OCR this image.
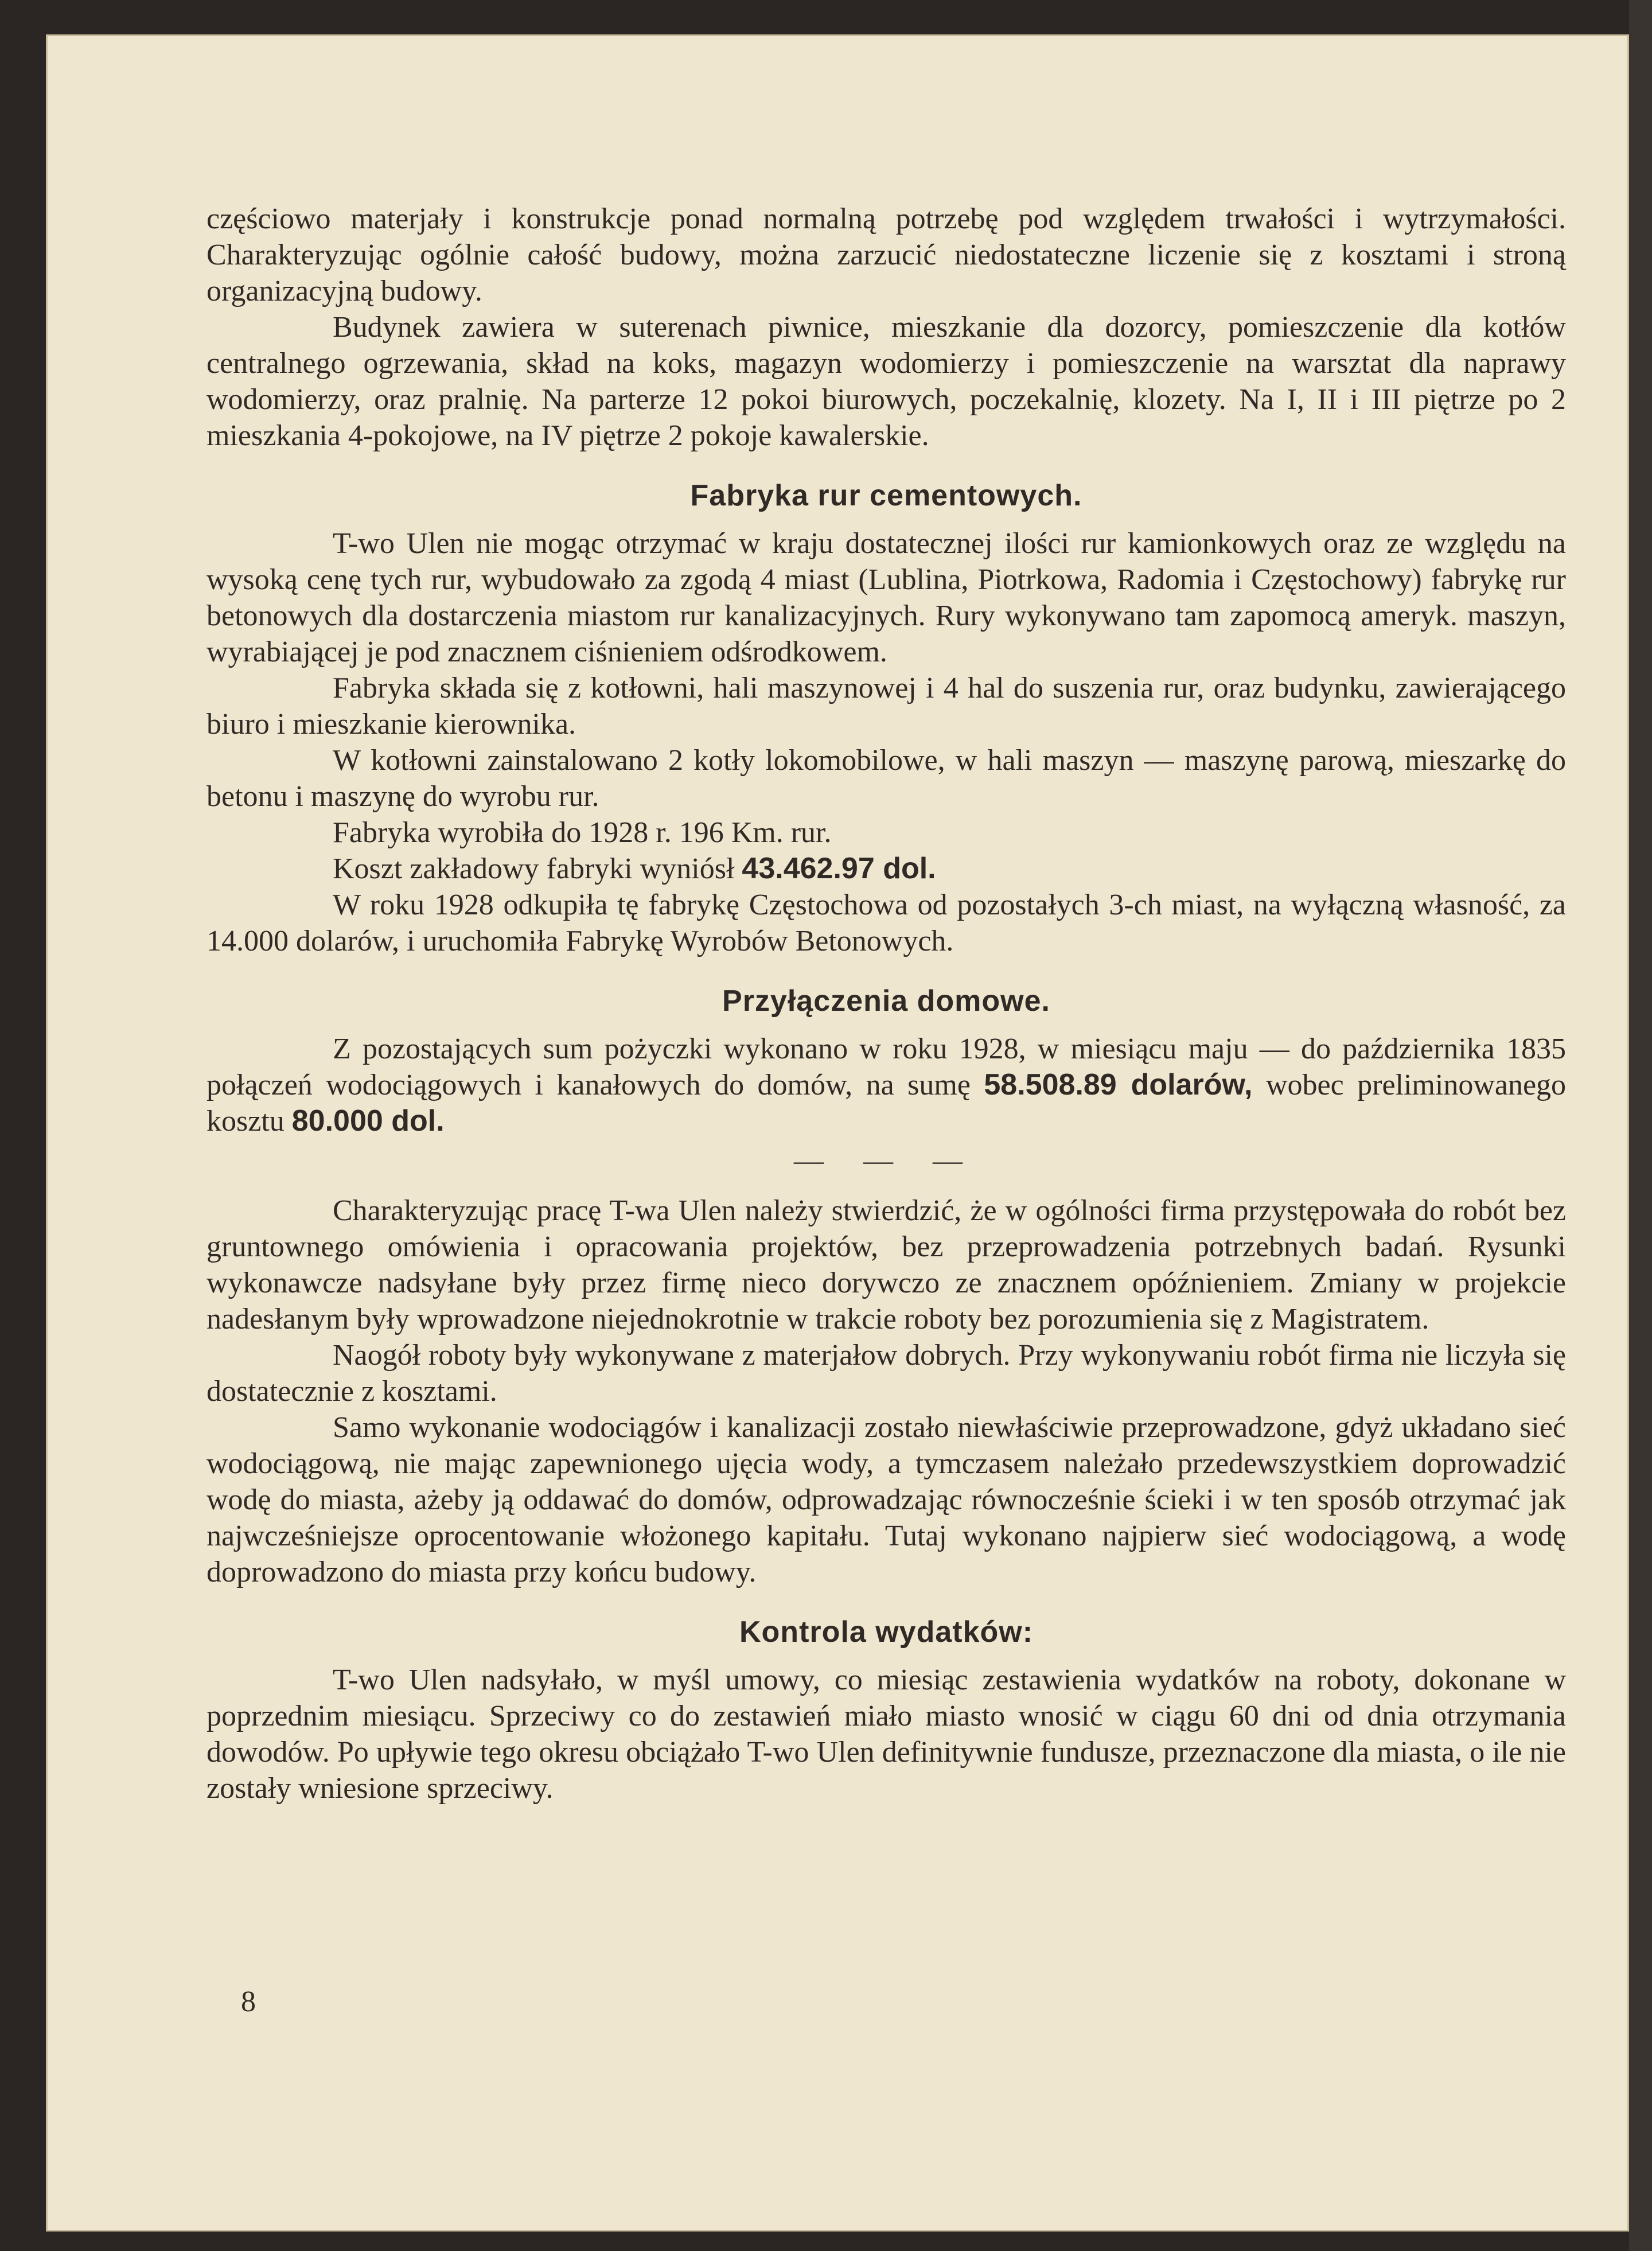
częściowo materjały i konstrukcje ponad normalną potrzebę pod względem trwałości i wytrzymałości. Charakteryzując ogólnie całość budowy, można zarzucić niedostateczne liczenie się z kosztami i stroną organizacyjną budowy.

Budynek zawiera w suterenach piwnice, mieszkanie dla dozorcy, pomieszczenie dla kotłów centralnego ogrzewania, skład na koks, magazyn wodomierzy i pomieszczenie na warsztat dla naprawy wodomierzy, oraz pralnię. Na parterze 12 pokoi biurowych, poczekalnię, klozety. Na I, II i III piętrze po 2 mieszkania 4-pokojowe, na IV piętrze 2 pokoje kawalerskie.

Fabryka rur cementowych.

T-wo Ulen nie mogąc otrzymać w kraju dostatecznej ilości rur kamionkowych oraz ze względu na wysoką cenę tych rur, wybudowało za zgodą 4 miast (Lublina, Piotrkowa, Radomia i Częstochowy) fabrykę rur betonowych dla dostarczenia miastom rur kanalizacyjnych. Rury wykonywano tam zapomocą ameryk. maszyn, wyrabiającej je pod znacznem ciśnieniem odśrodkowem.

Fabryka składa się z kotłowni, hali maszynowej i 4 hal do suszenia rur, oraz budynku, zawierającego biuro i mieszkanie kierownika.

W kotłowni zainstalowano 2 kotły lokomobilowe, w hali maszyn — maszynę parową, mieszarkę do betonu i maszynę do wyrobu rur.

Fabryka wyrobiła do 1928 r. 196 Km. rur.

Koszt zakładowy fabryki wyniósł 43.462.97 dol.

W roku 1928 odkupiła tę fabrykę Częstochowa od pozostałych 3-ch miast, na wyłączną własność, za 14.000 dolarów, i uruchomiła Fabrykę Wyrobów Betonowych.

Przyłączenia domowe.

Z pozostających sum pożyczki wykonano w roku 1928, w miesiącu maju — do października 1835 połączeń wodociągowych i kanałowych do domów, na sumę 58.508.89 dolarów, wobec preliminowanego kosztu 80.000 dol.

— — —

Charakteryzując pracę T-wa Ulen należy stwierdzić, że w ogólności firma przystępowała do robót bez gruntownego omówienia i opracowania projektów, bez przeprowadzenia potrzebnych badań. Rysunki wykonawcze nadsyłane były przez firmę nieco dorywczo ze znacznem opóźnieniem. Zmiany w projekcie nadesłanym były wprowadzone niejednokrotnie w trakcie roboty bez porozumienia się z Magistratem.

Naogół roboty były wykonywane z materjałow dobrych. Przy wykonywaniu robót firma nie liczyła się dostatecznie z kosztami.

Samo wykonanie wodociągów i kanalizacji zostało niewłaściwie przeprowadzone, gdyż układano sieć wodociągową, nie mając zapewnionego ujęcia wody, a tymczasem należało przedewszystkiem doprowadzić wodę do miasta, ażeby ją oddawać do domów, odprowadzając równocześnie ścieki i w ten sposób otrzymać jak najwcześniejsze oprocentowanie włożonego kapitału. Tutaj wykonano najpierw sieć wodociągową, a wodę doprowadzono do miasta przy końcu budowy.

Kontrola wydatków:

T-wo Ulen nadsyłało, w myśl umowy, co miesiąc zestawienia wydatków na roboty, dokonane w poprzednim miesiącu. Sprzeciwy co do zestawień miało miasto wnosić w ciągu 60 dni od dnia otrzymania dowodów. Po upływie tego okresu obciążało T-wo Ulen definitywnie fundusze, przeznaczone dla miasta, o ile nie zostały wniesione sprzeciwy.

8
